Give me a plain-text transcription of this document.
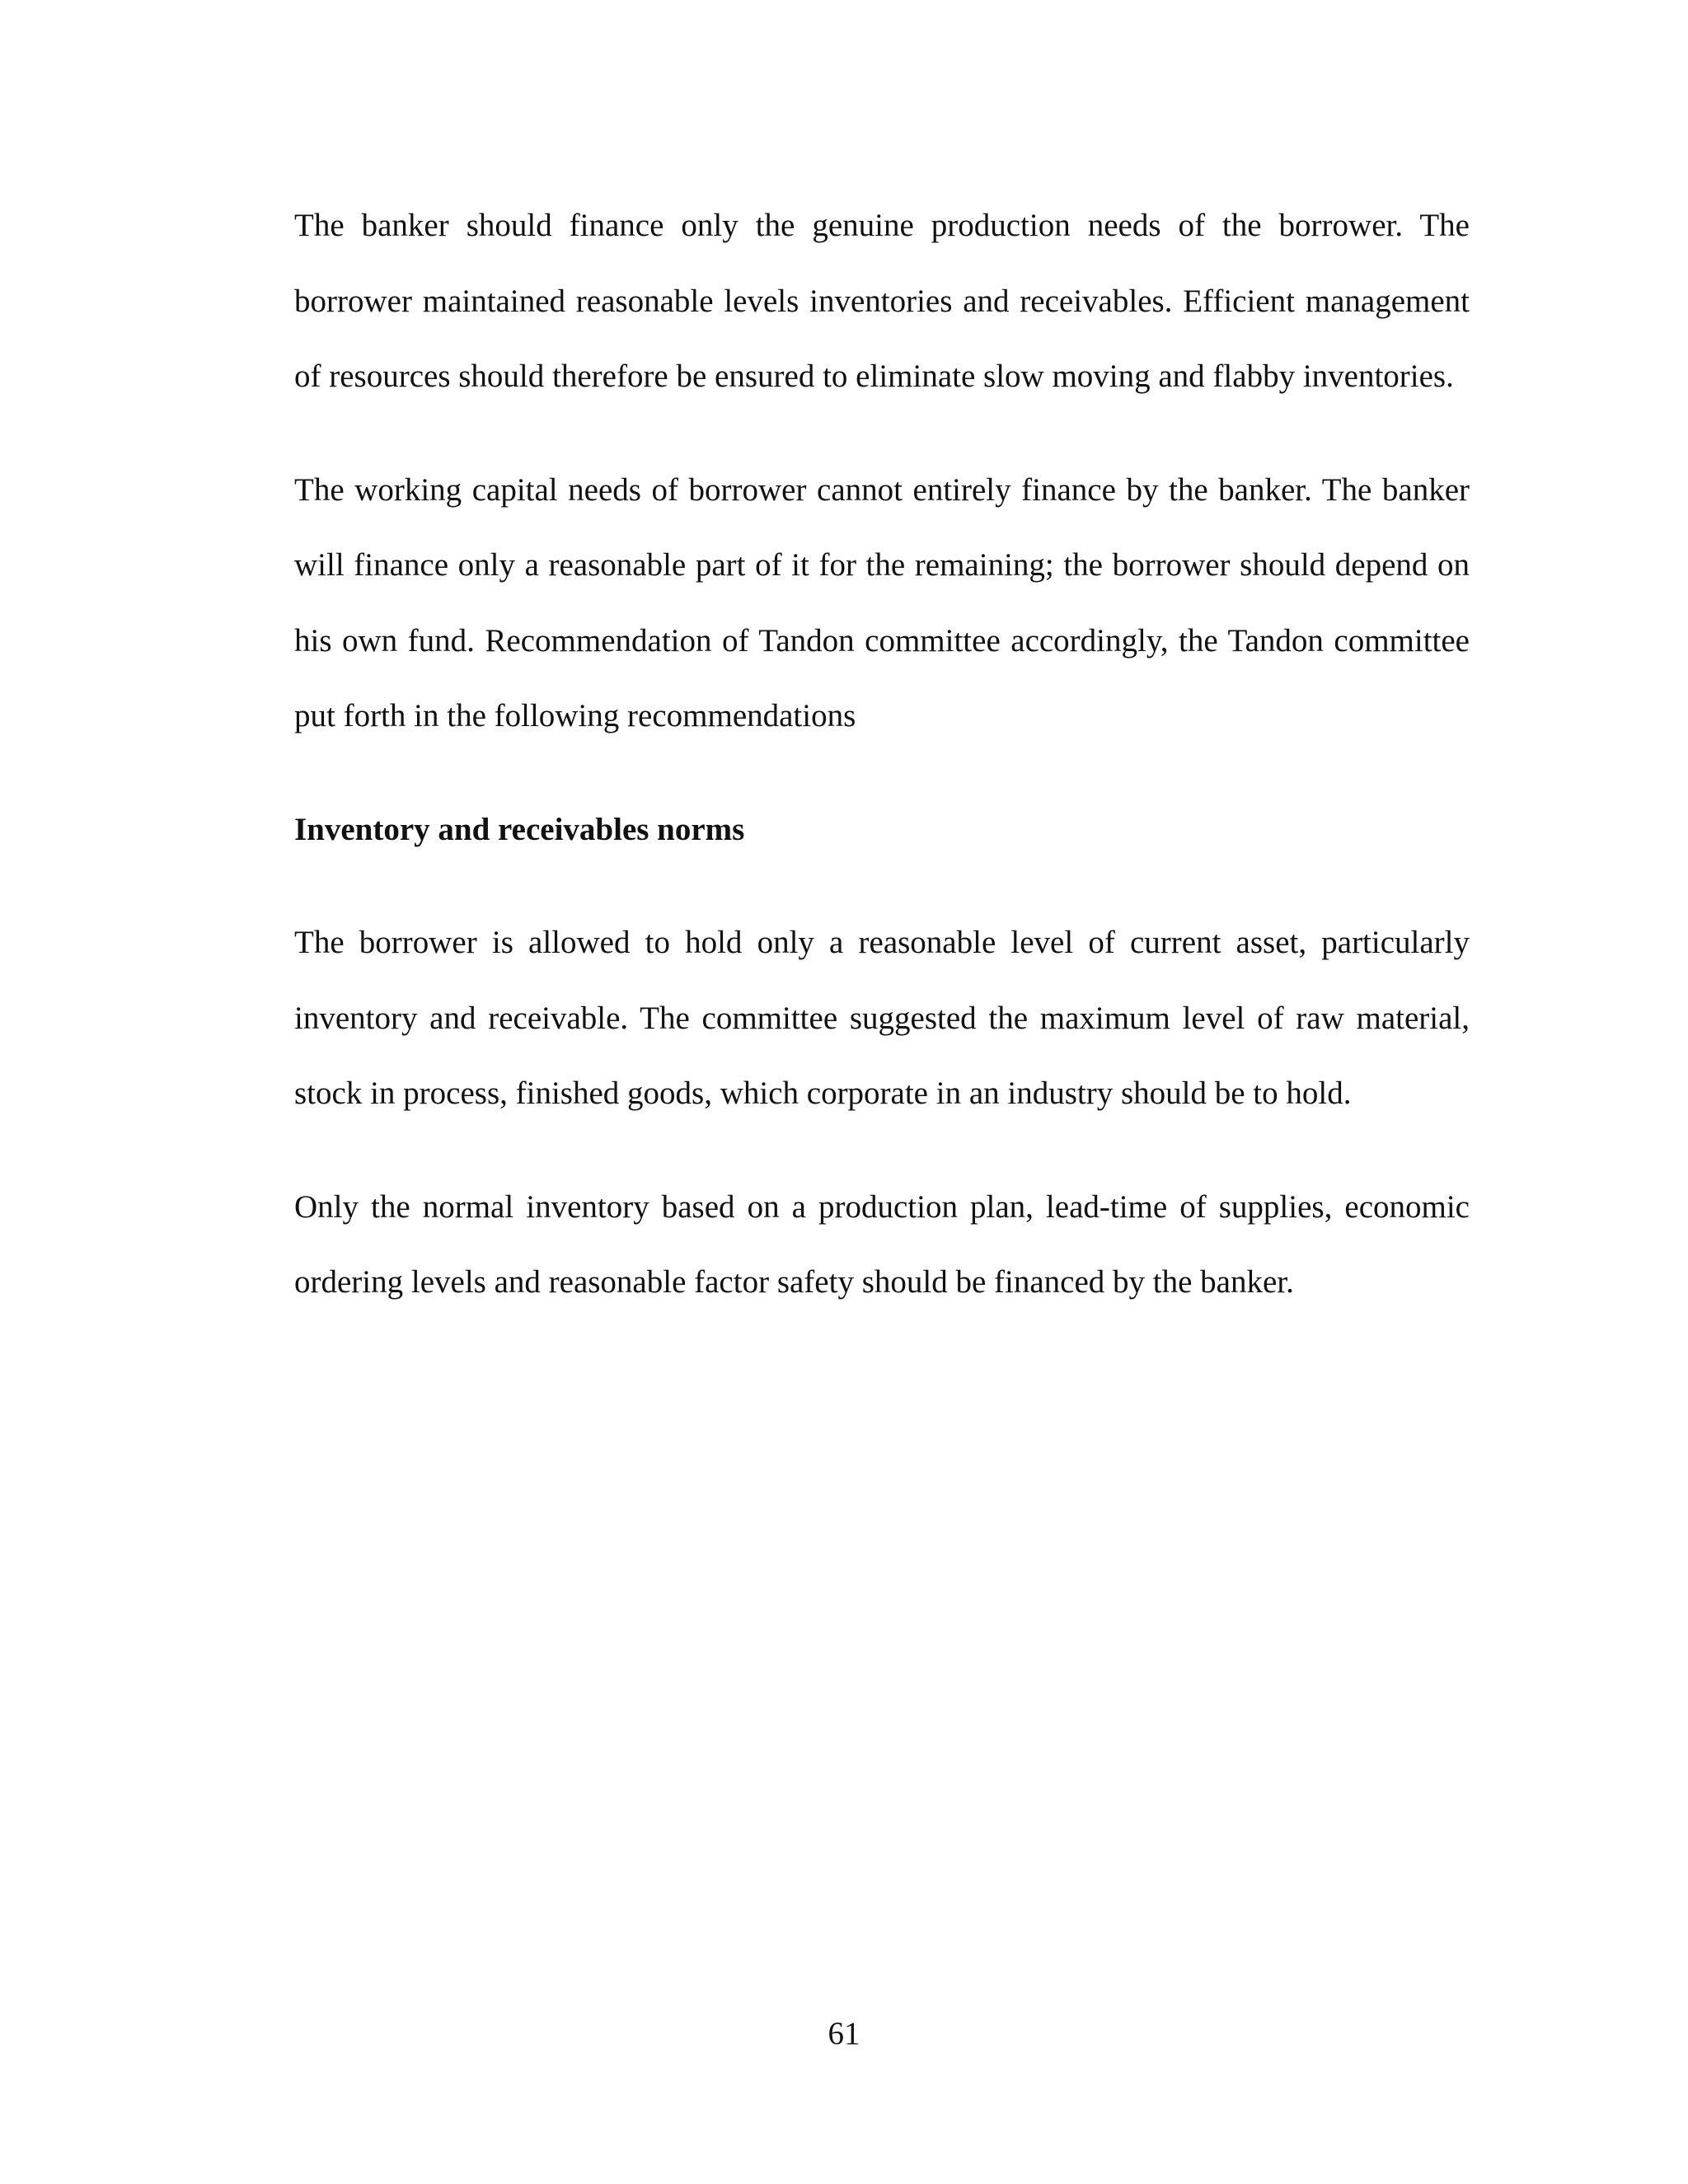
The banker should finance only the genuine production needs of the borrower. The borrower maintained reasonable levels inventories and receivables. Efficient management of resources should therefore be ensured to eliminate slow moving and flabby inventories.

The working capital needs of borrower cannot entirely finance by the banker. The banker will finance only a reasonable part of it for the remaining; the borrower should depend on his own fund. Recommendation of Tandon committee accordingly, the Tandon committee put forth in the following recommendations

Inventory and receivables norms

The borrower is allowed to hold only a reasonable level of current asset, particularly inventory and receivable. The committee suggested the maximum level of raw material, stock in process, finished goods, which corporate in an industry should be to hold.

Only the normal inventory based on a production plan, lead-time of supplies, economic ordering levels and reasonable factor safety should be financed by the banker.

61
